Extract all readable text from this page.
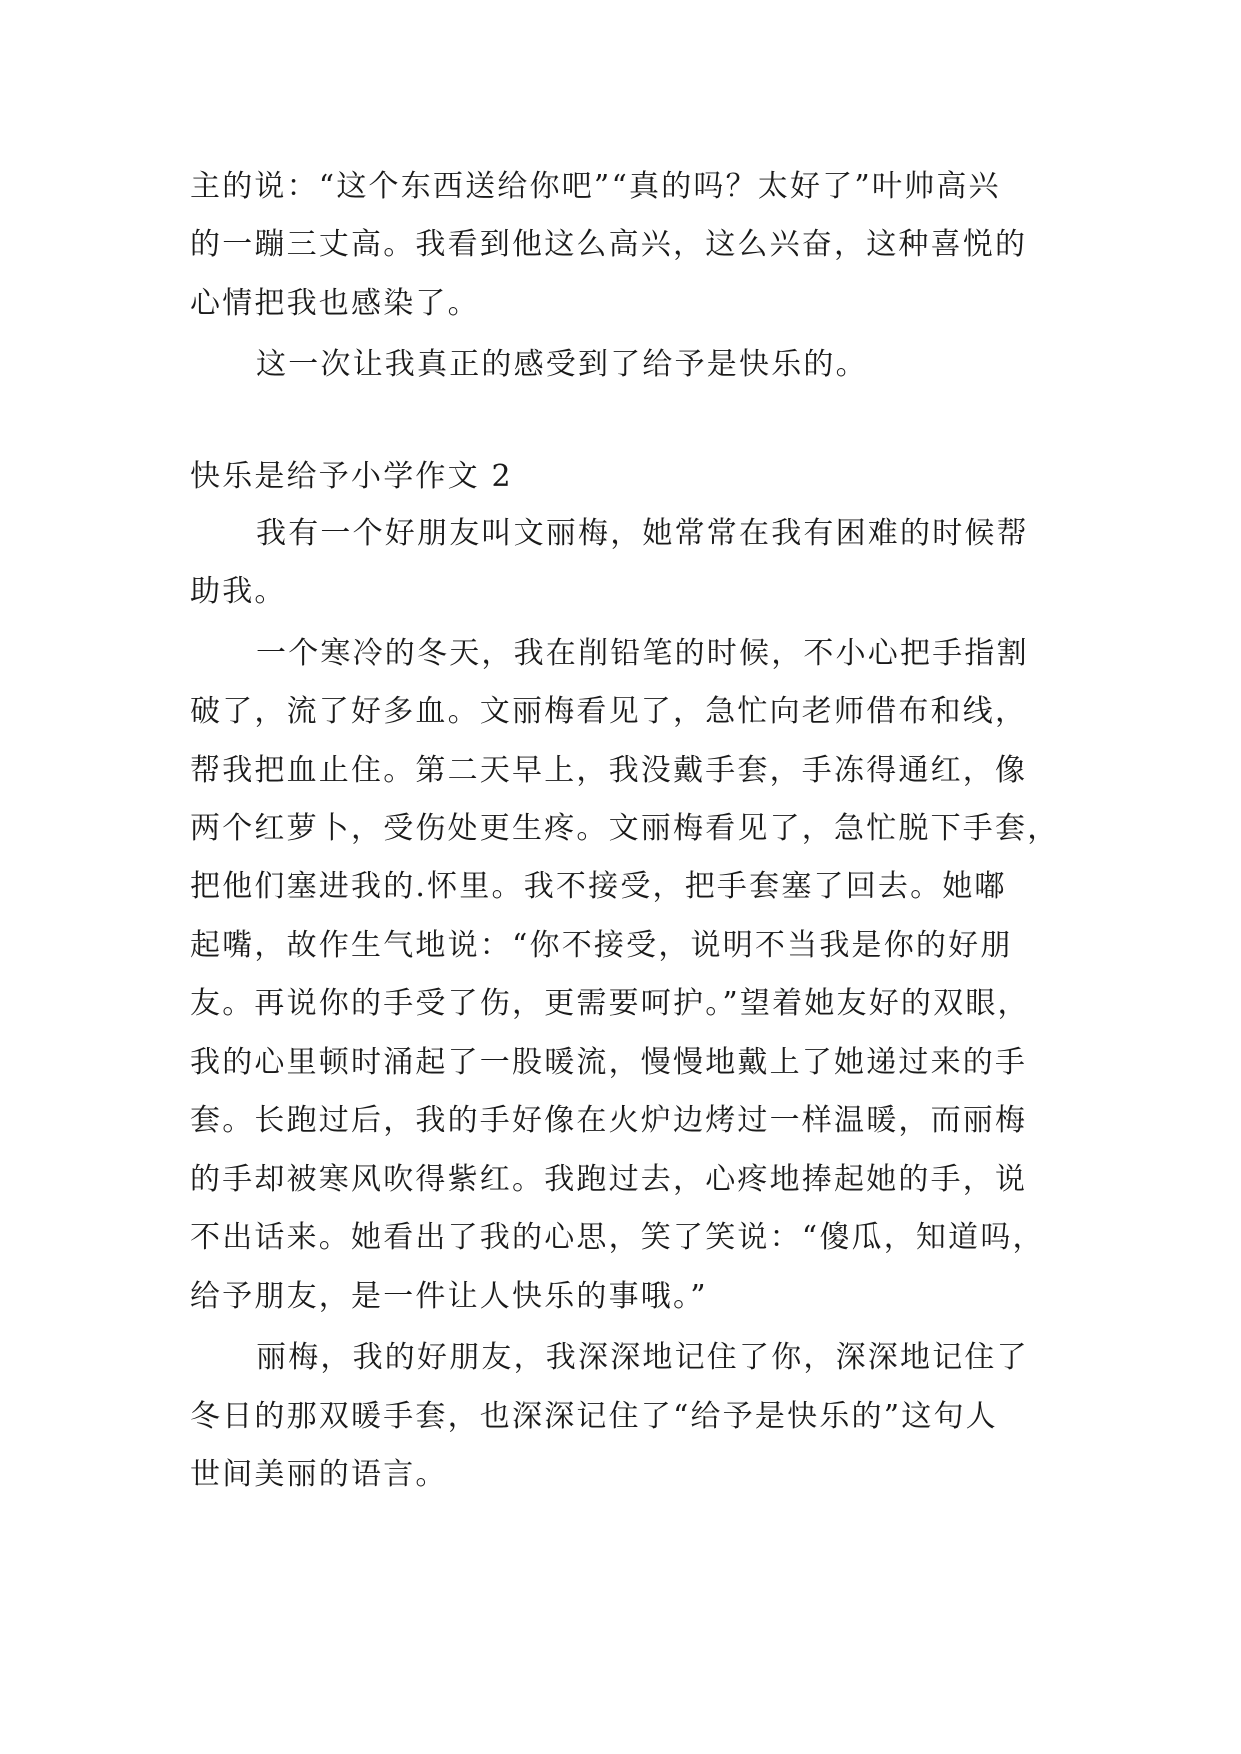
主的说：“这个东西送给你吧”“真的吗？太好了”叶帅高兴
的一蹦三丈高。我看到他这么高兴，这么兴奋，这种喜悦的
心情把我也感染了。
这一次让我真正的感受到了给予是快乐的。
快乐是给予小学作文 2
我有一个好朋友叫文丽梅，她常常在我有困难的时候帮
助我。
一个寒冷的冬天，我在削铅笔的时候，不小心把手指割
破了，流了好多血。文丽梅看见了，急忙向老师借布和线，
帮我把血止住。第二天早上，我没戴手套，手冻得通红，像
两个红萝卜，受伤处更生疼。文丽梅看见了，急忙脱下手套，
把他们塞进我的.怀里。我不接受，把手套塞了回去。她嘟
起嘴，故作生气地说：“你不接受，说明不当我是你的好朋
友。再说你的手受了伤，更需要呵护。”望着她友好的双眼，
我的心里顿时涌起了一股暖流，慢慢地戴上了她递过来的手
套。长跑过后，我的手好像在火炉边烤过一样温暖，而丽梅
的手却被寒风吹得紫红。我跑过去，心疼地捧起她的手，说
不出话来。她看出了我的心思，笑了笑说：“傻瓜，知道吗，
给予朋友，是一件让人快乐的事哦。”
丽梅，我的好朋友，我深深地记住了你，深深地记住了
冬日的那双暖手套，也深深记住了“给予是快乐的”这句人
世间美丽的语言。
